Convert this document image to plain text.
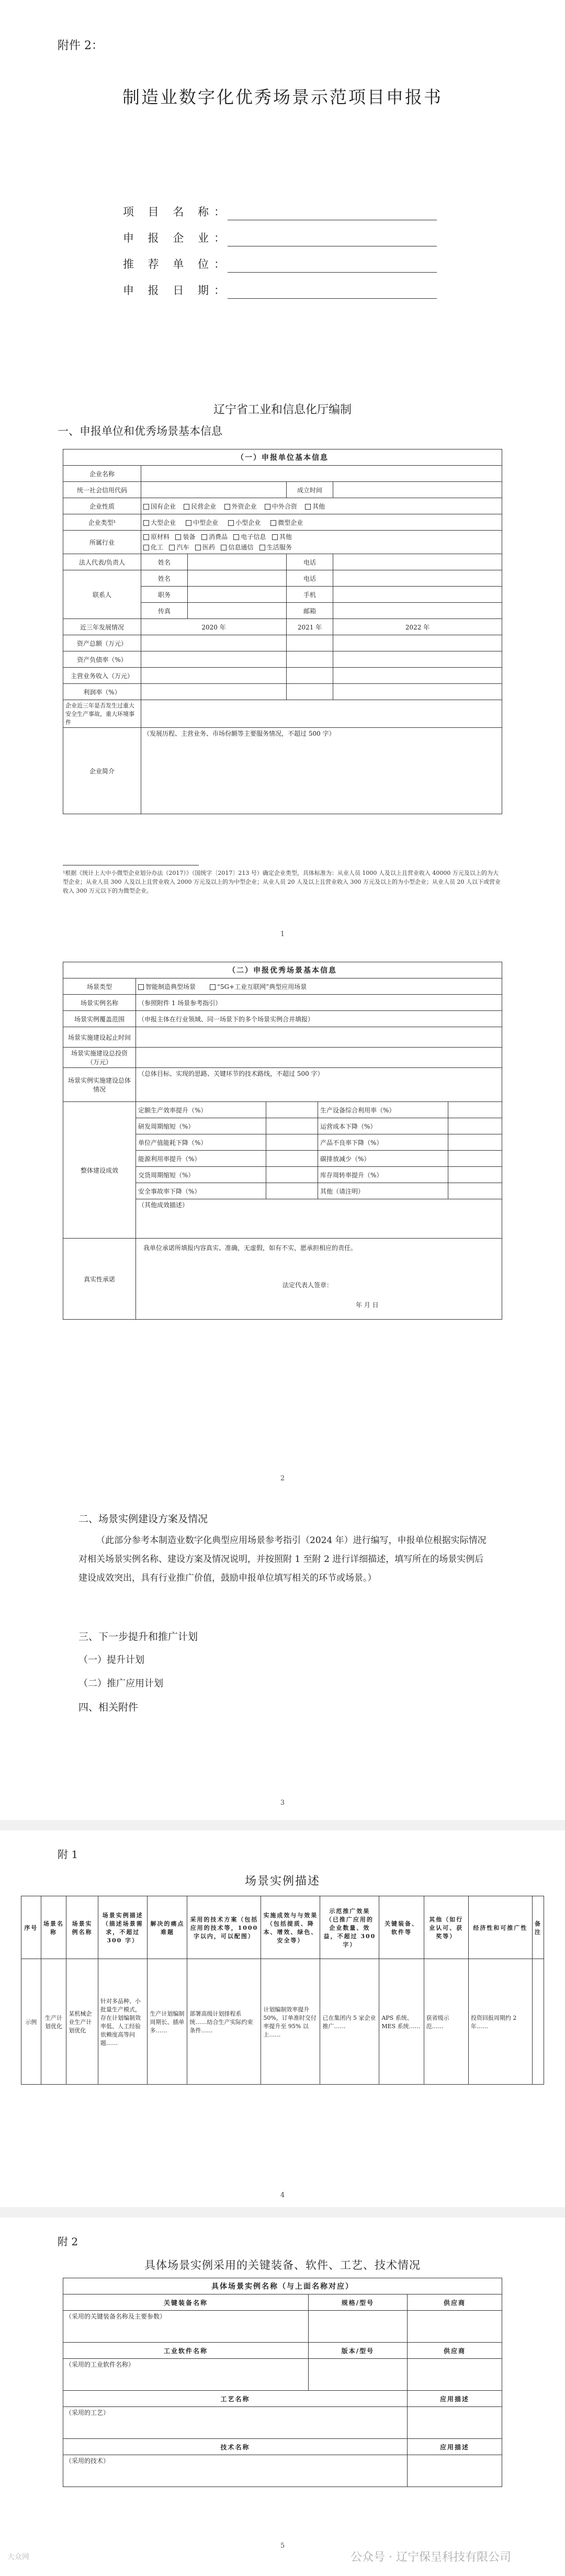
附件 2：
制造业数字化优秀场景示范项目申报书
项 目 名 称：
申 报 企 业：
推 荐 单 位：
申 报 日 期：
辽宁省工业和信息化厅编制
一、申报单位和优秀场景基本信息
（一）申报单位基本信息				
企业名称				
统一社会信用代码			成立时间	
企业性质	国有企业 民营企业 外资企业 中外合资 其他			
企业类型¹	大型企业 中型企业 小型企业 微型企业			
所属行业	原材料 装备 消费品 电子信息 其他
化工 汽车 医药 信息通信 生活服务			
法人代表/负责人	姓名		电话	
联系人	姓名		电话	
	职务		手机	
	传真		邮箱	
近三年发展情况	2020 年		2021 年	2022 年
资产总额（万元）				
资产负债率（%）				
主营业务收入（万元）				
利润率（%）				
企业近三年是否发生过重大安全生产事故，重大环境事件				
企业简介	（发展历程、主营业务、市场份额等主要服务情况，不超过 500 字）			
¹根据《统计上大中小微型企业划分办法（2017）》（国统字〔2017〕213 号）确定企业类型，具体标准为：从业人员 1000 人及以上且营业收入 40000 万元及以上的为大型企业；从业人员 300 人及以上且营业收入 2000 万元及以上的为中型企业；从业人员 20 人及以上且营业收入 300 万元及以上的为小型企业；从业人员 20 人以下或营业收入 300 万元以下的为微型企业。
1
（二）申报优秀场景基本信息				
场景类型	智能制造典型场景 “5G+工业互联网”典型应用场景			
场景实例名称	（参照附件 1 场景参考指引）			
场景实例覆盖范围	（申报主体在行业领域、同一场景下的多个场景实例合并填报）			
场景实施建设起止时间				
场景实施建设总投资（万元）				
场景实例实施建设总体情况	（总体目标、实现的思路、关键环节的技术路线，不超过 500 字）			
整体建设成效	定额生产效率提升（%）		生产设备综合利用率（%）	
	研发周期缩短（%）		运营成本下降（%）	
	单位产值能耗下降（%）		产品不良率下降（%）	
	能源利用率提升（%）		碳排放减少（%）	
	交货周期缩短（%）		库存周转率提升（%）	
	安全事故率下降（%）		其他（请注明）	
	（其他成效描述）			
真实性承诺	我单位承诺所填报内容真实、准确，无虚假，如有不实，愿承担相应的责任。
法定代表人签章：
年 月 日			
2
二、场景实例建设方案及情况
（此部分参考本制造业数字化典型应用场景参考指引（2024 年）进行编写，申报单位根据实际情况对相关场景实例名称、建设方案及情况说明，并按照附 1 至附 2 进行详细描述，填写所在的场景实例后建设成效突出，具有行业推广价值，鼓励申报单位填写相关的环节或场景。）
三、下一步提升和推广计划
（一）提升计划
（二）推广应用计划
四、相关附件
3
附 1
场景实例描述
序号	场景名称	场景实例名称	场景实例描述（描述场景需求，不超过 300 字）	解决的痛点难题	采用的技术方案（包括应用的技术等，1000 字以内，可以配图）	实施成效与与效果（包括提质、降本、增效、绿色、安全等）	示范推广效果（已推广应用的企业数量、效益，不超过 300 字）	关键装备、软件等	其他（如行业认可、获奖等）	经济性和可推广性	备注
示例	生产计划优化	某机械企业生产计划优化	针对多品种、小批量生产模式，存在计划编制效率低、人工经验依赖度高等问题……	生产计划编制周期长、插单多……	部署高级计划排程系统……结合生产实际约束条件……	计划编制效率提升 50%，订单准时交付率提升至 95% 以上……	已在集团内 5 家企业推广……	APS 系统、MES 系统……	获省级示范……	投资回报周期约 2 年……	
4
附 2
具体场景实例采用的关键装备、软件、工艺、技术情况
具体场景实例名称（与上面名称对应）		
关键装备名称	规格/型号	供应商
（采用的关键装备名称及主要参数）		
工业软件名称	版本/型号	供应商
（采用的工业软件名称）		
工艺名称		应用描述
（采用的工艺）		
技术名称		应用描述
（采用的技术）		
5
大众网	公众号 · 辽宁保呈科技有限公司
